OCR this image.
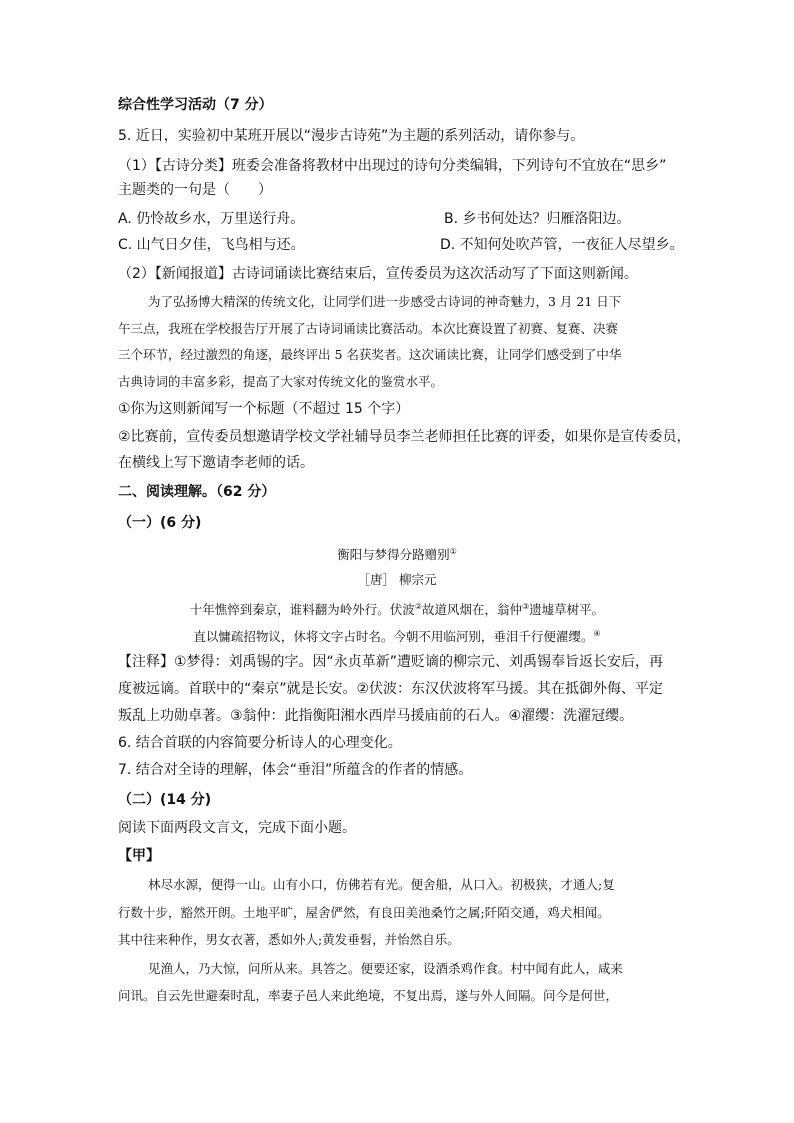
综合性学习活动（7 分）
5. 近日，实验初中某班开展以“漫步古诗苑”为主题的系列活动，请你参与。
（1）【古诗分类】班委会准备将教材中出现过的诗句分类编辑，下列诗句不宜放在“思乡”
主题类的一句是（　　）
A. 仍怜故乡水，万里送行舟。	B. 乡书何处达？归雁洛阳边。
C. 山气日夕佳，飞鸟相与还。	D. 不知何处吹芦管，一夜征人尽望乡。
（2）【新闻报道】古诗词诵读比赛结束后，宣传委员为这次活动写了下面这则新闻。
为了弘扬博大精深的传统文化，让同学们进一步感受古诗词的神奇魅力，3 月 21 日下
午三点，我班在学校报告厅开展了古诗词诵读比赛活动。本次比赛设置了初赛、复赛、决赛
三个环节，经过激烈的角逐，最终评出 5 名获奖者。这次诵读比赛，让同学们感受到了中华
古典诗词的丰富多彩，提高了大家对传统文化的鉴赏水平。
①你为这则新闻写一个标题（不超过 15 个字）
②比赛前，宣传委员想邀请学校文学社辅导员李兰老师担任比赛的评委，如果你是宣传委员，
在横线上写下邀请李老师的话。
二、阅读理解。（62 分）
（一）(6 分)
衡阳与梦得分路赠别①
［唐］ 柳宗元
十年憔悴到秦京，谁料翻为岭外行。伏波②故道风烟在，翁仲③遗墟草树平。
直以慵疏招物议，休将文字占时名。今朝不用临河别，垂泪千行便濯缨。④
【注释】①梦得：刘禹锡的字。因“永贞革新”遭贬谪的柳宗元、刘禹锡奉旨返长安后，再
度被远谪。首联中的“秦京”就是长安。②伏波：东汉伏波将军马援。其在抵御外侮、平定
叛乱上功勋卓著。③翁仲：此指衡阳湘水西岸马援庙前的石人。④濯缨：洗濯冠缨。
6. 结合首联的内容简要分析诗人的心理变化。
7. 结合对全诗的理解，体会“垂泪”所蕴含的作者的情感。
（二）(14 分)
阅读下面两段文言文，完成下面小题。
【甲】
林尽水源，便得一山。山有小口，仿佛若有光。便舍船，从口入。初极狭，才通人;复
行数十步，豁然开朗。土地平旷，屋舍俨然，有良田美池桑竹之属;阡陌交通，鸡犬相闻。
其中往来种作，男女衣著，悉如外人;黄发垂髫，并怡然自乐。
见渔人，乃大惊，问所从来。具答之。便要还家，设酒杀鸡作食。村中闻有此人，咸来
问讯。自云先世避秦时乱，率妻子邑人来此绝境，不复出焉，遂与外人间隔。问今是何世，
